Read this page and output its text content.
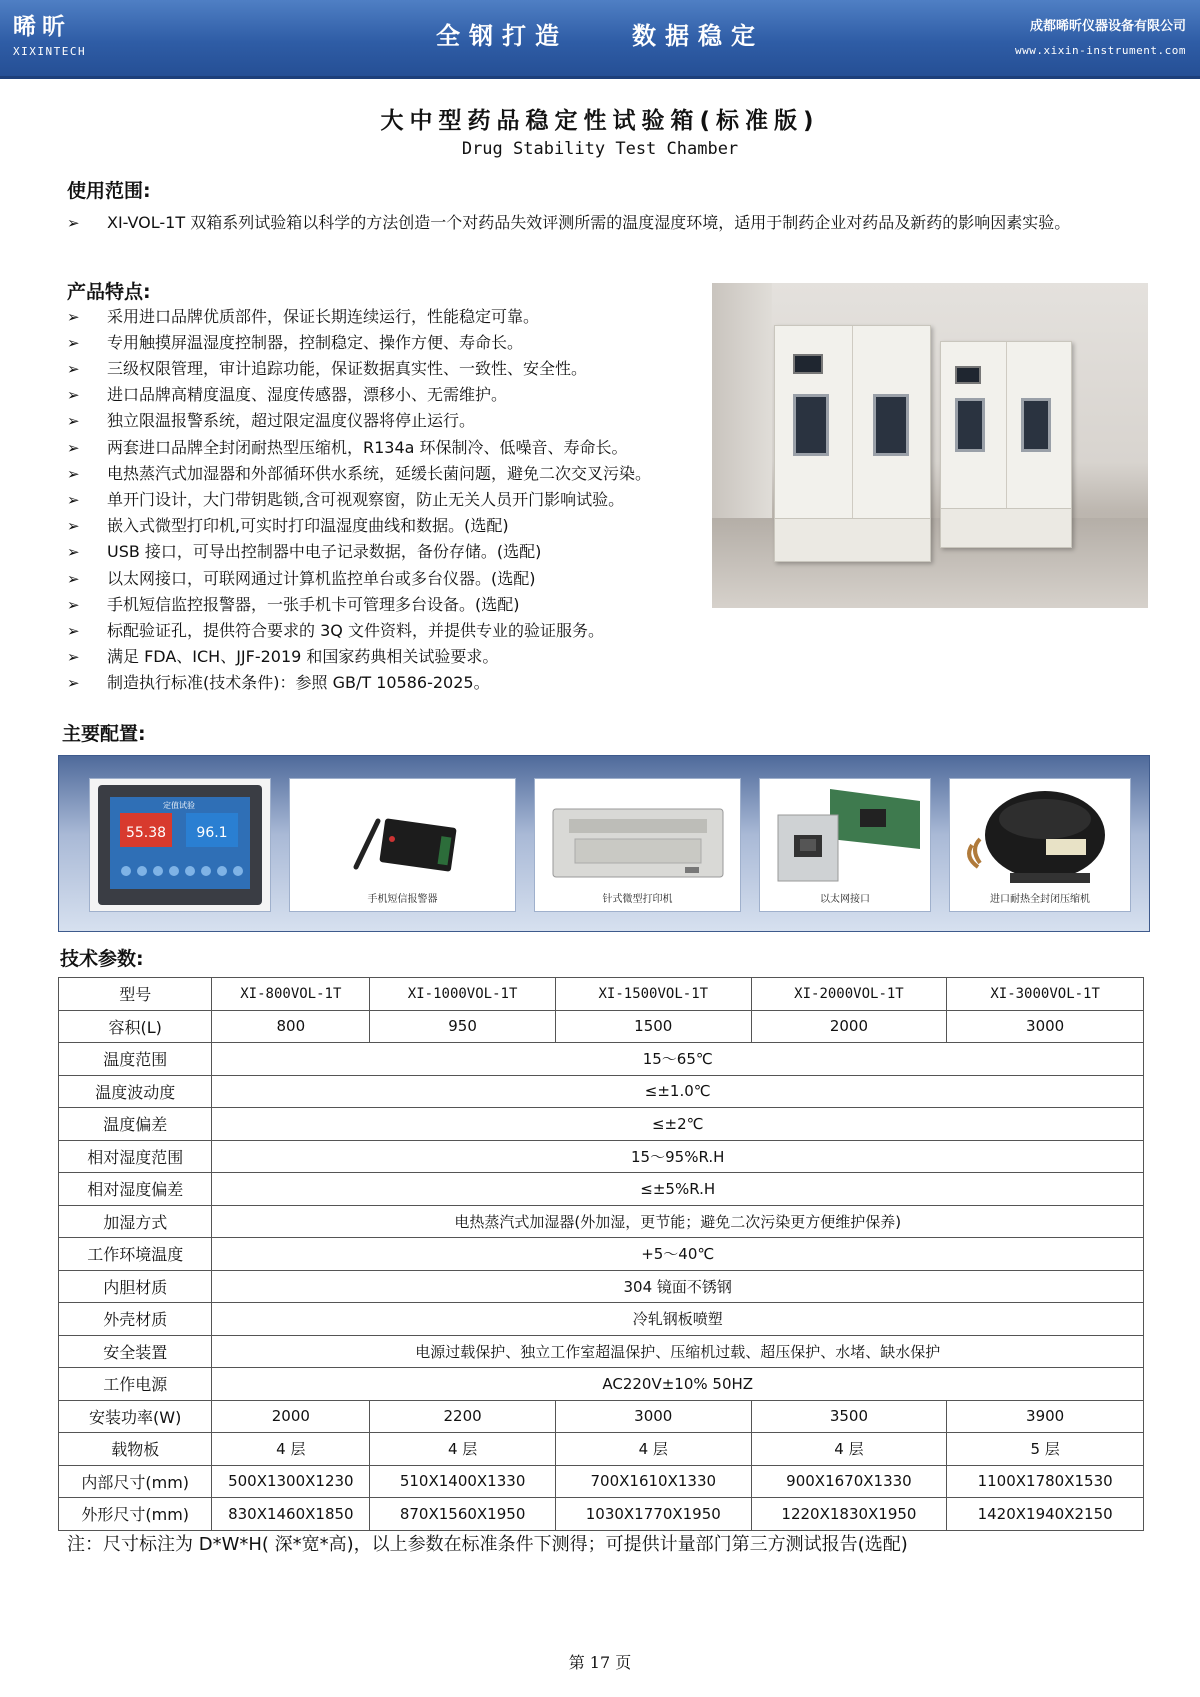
晞昕
XIXINTECH
全钢打造	数据稳定	成都晞昕仪器设备有限公司
www.xixin-instrument.com
大中型药品稳定性试验箱(标准版)
Drug Stability Test Chamber
使用范围:
➢ XI-VOL-1T 双箱系列试验箱以科学的方法创造一个对药品失效评测所需的温度湿度环境，适用于制药企业对药品及新药的影响因素实验。
产品特点:
➢ 采用进口品牌优质部件，保证长期连续运行，性能稳定可靠。
➢ 专用触摸屏温湿度控制器，控制稳定、操作方便、寿命长。
➢ 三级权限管理，审计追踪功能，保证数据真实性、一致性、安全性。
➢ 进口品牌高精度温度、湿度传感器，漂移小、无需维护。
➢ 独立限温报警系统，超过限定温度仪器将停止运行。
➢ 两套进口品牌全封闭耐热型压缩机，R134a 环保制冷、低噪音、寿命长。
➢ 电热蒸汽式加湿器和外部循环供水系统，延缓长菌问题，避免二次交叉污染。
➢ 单开门设计，大门带钥匙锁,含可视观察窗，防止无关人员开门影响试验。
➢ 嵌入式微型打印机,可实时打印温湿度曲线和数据。(选配)
➢ USB 接口，可导出控制器中电子记录数据，备份存储。(选配)
➢ 以太网接口，可联网通过计算机监控单台或多台仪器。(选配)
➢ 手机短信监控报警器，一张手机卡可管理多台设备。(选配)
➢ 标配验证孔，提供符合要求的 3Q 文件资料，并提供专业的验证服务。
➢ 满足 FDA、ICH、JJF-2019 和国家药典相关试验要求。
➢ 制造执行标准(技术条件)：参照 GB/T 10586-2025。
主要配置:
定值试验
55.38 96.1
手机短信报警器	针式微型打印机	以太网接口	进口耐热全封闭压缩机
技术参数:
型号	XI-800VOL-1T	XI-1000VOL-1T	XI-1500VOL-1T	XI-2000VOL-1T	XI-3000VOL-1T
容积(L)	800	950	1500	2000	3000
温度范围	15～65℃				
温度波动度	≤±1.0℃				
温度偏差	≤±2℃				
相对湿度范围	15～95%R.H				
相对湿度偏差	≤±5%R.H				
加湿方式	电热蒸汽式加湿器(外加湿，更节能；避免二次污染更方便维护保养)				
工作环境温度	+5～40℃				
内胆材质	304 镜面不锈钢				
外壳材质	冷轧钢板喷塑				
安全装置	电源过载保护、独立工作室超温保护、压缩机过载、超压保护、水堵、缺水保护				
工作电源	AC220V±10% 50HZ				
安装功率(W)	2000	2200	3000	3500	3900
载物板	4 层	4 层	4 层	4 层	5 层
内部尺寸(mm)	500X1300X1230	510X1400X1330	700X1610X1330	900X1670X1330	1100X1780X1530
外形尺寸(mm)	830X1460X1850	870X1560X1950	1030X1770X1950	1220X1830X1950	1420X1940X2150
注：尺寸标注为 D*W*H( 深*宽*高)，以上参数在标准条件下测得；可提供计量部门第三方测试报告(选配)
第 17 页
